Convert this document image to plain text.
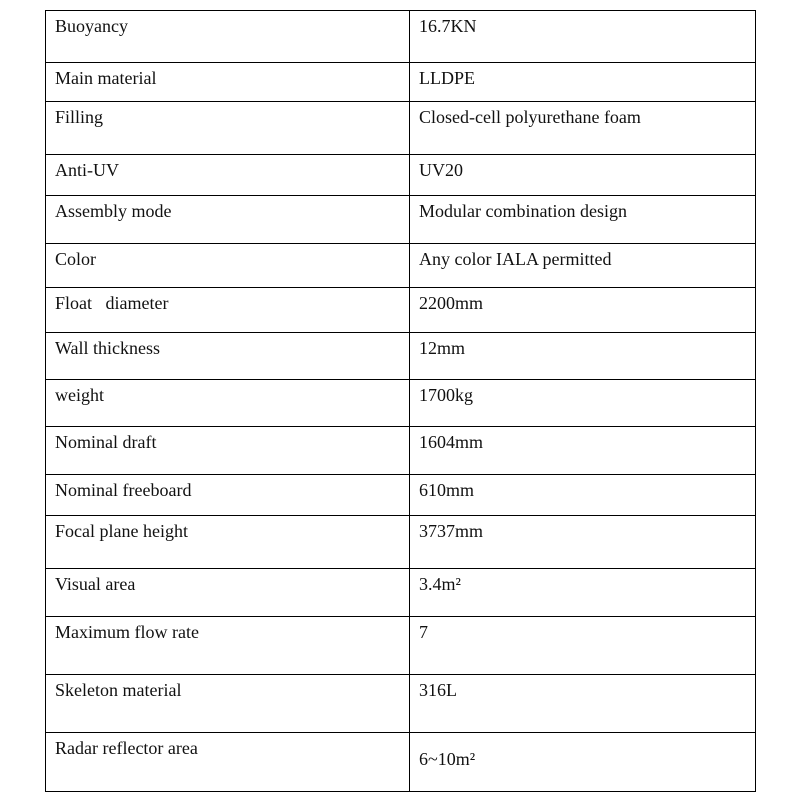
Buoyancy	16.7KN

Main material	LLDPE

Filling	Closed-cell polyurethane foam

Anti-UV	UV20

Assembly mode	Modular combination design

Color	Any color IALA permitted

Float   diameter	2200mm

Wall thickness	12mm

weight	1700kg

Nominal draft	1604mm

Nominal freeboard	610mm

Focal plane height	3737mm

Visual area	3.4m²

Maximum flow rate	7

Skeleton material	316L

Radar reflector area	6~10m²
